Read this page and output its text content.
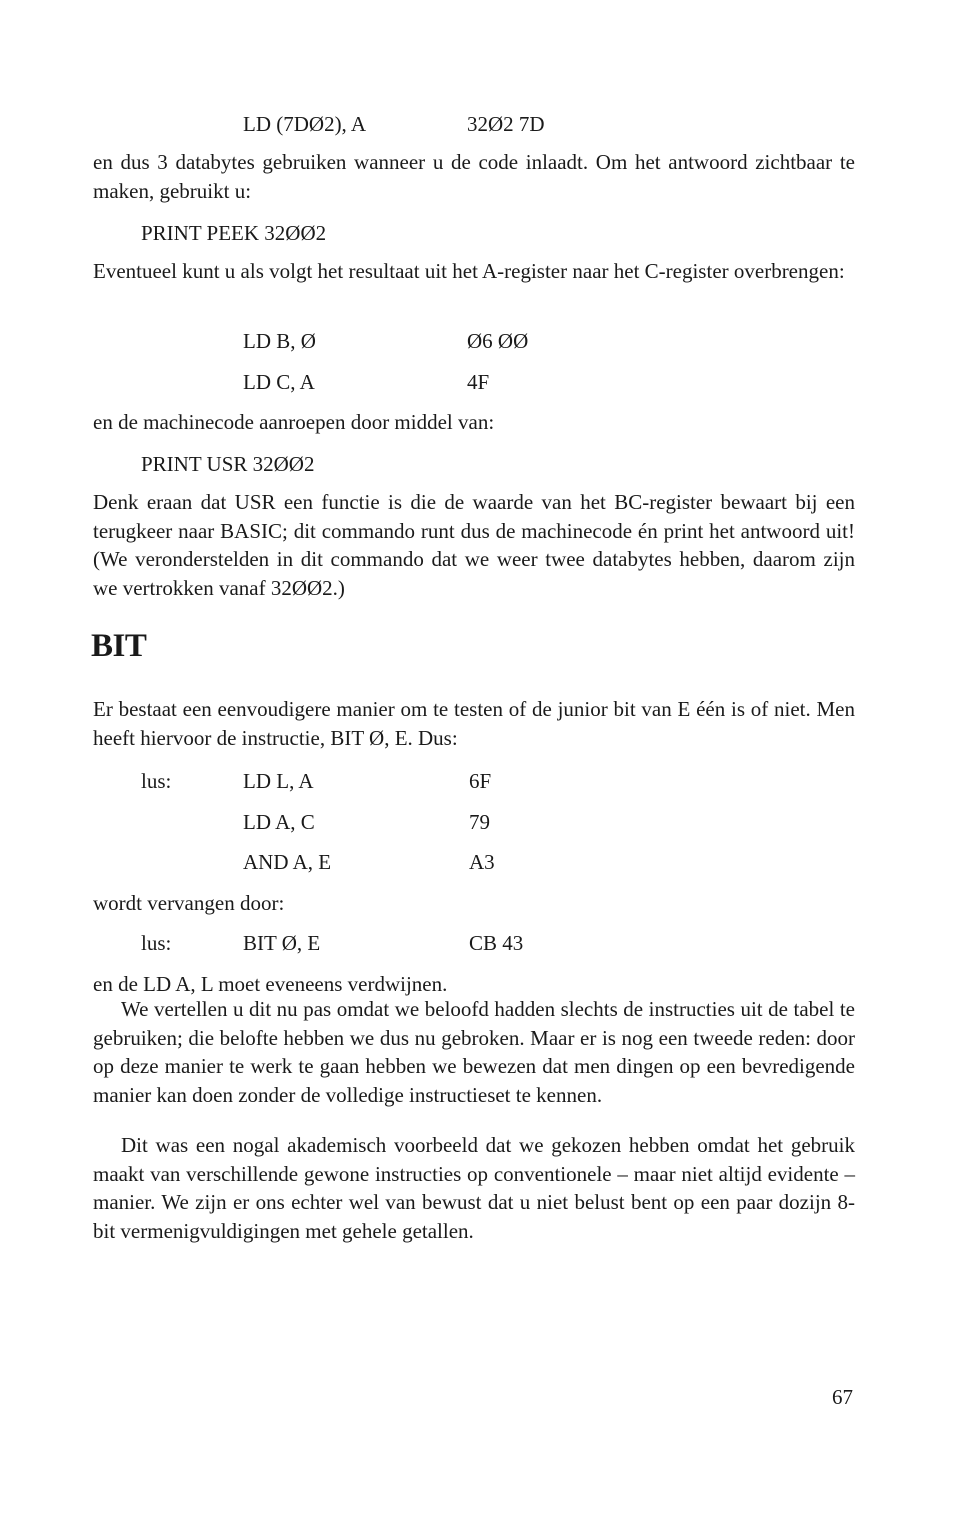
LD (7DØ2), A	32Ø2 7D

en dus 3 databytes gebruiken wanneer u de code inlaadt. Om het antwoord zichtbaar te maken, gebruikt u:

PRINT PEEK 32ØØ2

Eventueel kunt u als volgt het resultaat uit het A-register naar het C-register overbrengen:

LD B, Ø	Ø6 ØØ
LD C, A	4F

en de machinecode aanroepen door middel van:

PRINT USR 32ØØ2

Denk eraan dat USR een functie is die de waarde van het BC-register bewaart bij een terugkeer naar BASIC; dit commando runt dus de machinecode én print het antwoord uit! (We veronderstelden in dit commando dat we weer twee databytes hebben, daarom zijn we vertrokken vanaf 32ØØ2.)

BIT

Er bestaat een eenvoudigere manier om te testen of de junior bit van E één is of niet. Men heeft hiervoor de instructie, BIT Ø, E. Dus:

lus:	LD L, A	6F
LD A, C	79
AND A, E	A3

wordt vervangen door:

lus:	BIT Ø, E	CB 43

en de LD A, L moet eveneens verdwijnen.

We vertellen u dit nu pas omdat we beloofd hadden slechts de instructies uit de tabel te gebruiken; die belofte hebben we dus nu gebroken. Maar er is nog een tweede reden: door op deze manier te werk te gaan hebben we bewezen dat men dingen op een bevredigende manier kan doen zonder de volledige instructieset te kennen.

Dit was een nogal akademisch voorbeeld dat we gekozen hebben omdat het gebruik maakt van verschillende gewone instructies op conventionele – maar niet altijd evidente – manier. We zijn er ons echter wel van bewust dat u niet belust bent op een paar dozijn 8-bit vermenigvuldigingen met gehele getallen.

67
